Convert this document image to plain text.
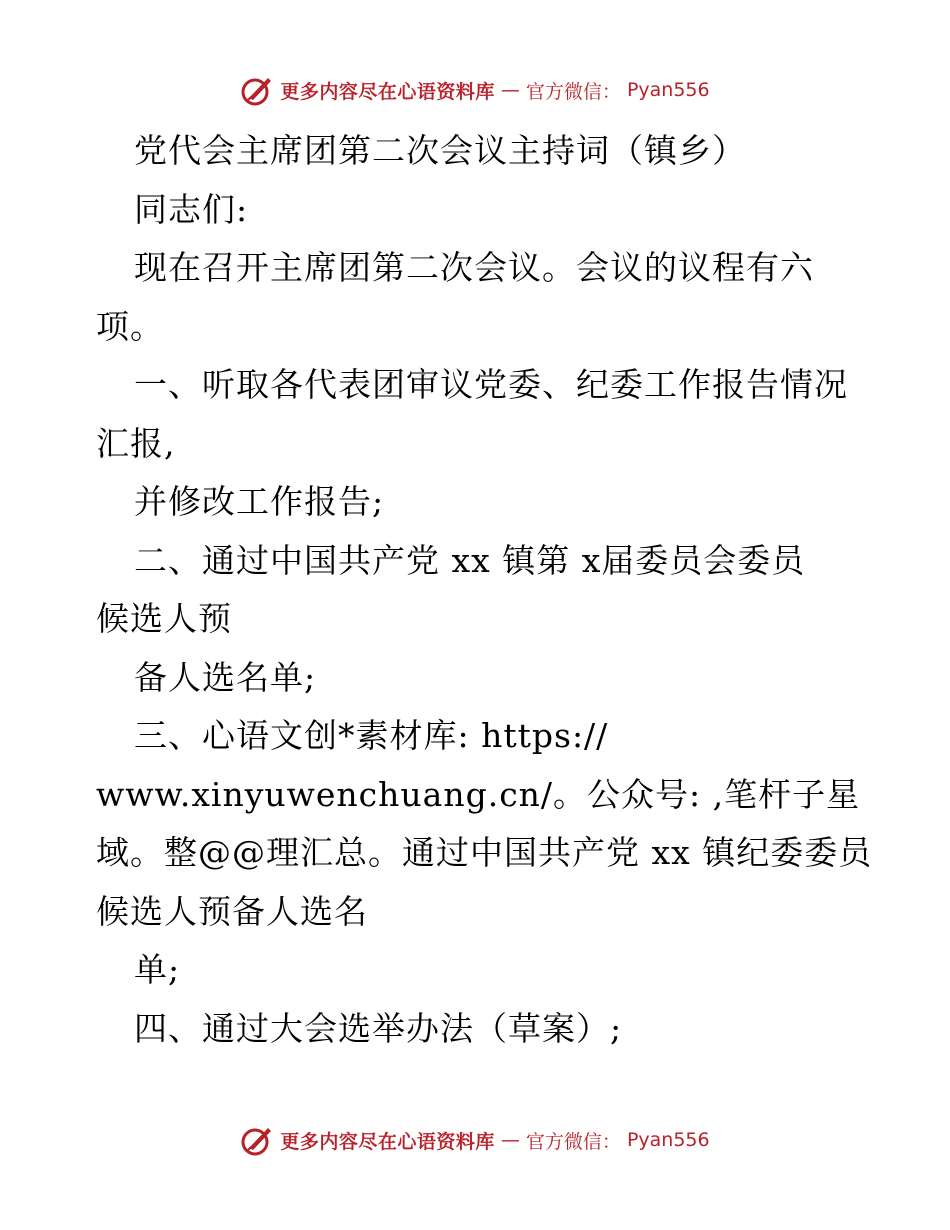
更多内容尽在心语资料库 — 官方微信： Pyan556
党代会主席团第二次会议主持词（镇乡）
同志们:
现在召开主席团第二次会议。会议的议程有六
项。
一、听取各代表团审议党委、纪委工作报告情况
汇报,
并修改工作报告;
二、通过中国共产党 xx 镇第 x届委员会委员
候选人预
备人选名单;
三、心语文创*素材库: https://
www.xinyuwenchuang.cn/。公众号: ,笔杆子星
域。整@@理汇总。通过中国共产党 xx 镇纪委委员
候选人预备人选名
单;
四、通过大会选举办法（草案）;
更多内容尽在心语资料库 — 官方微信： Pyan556
